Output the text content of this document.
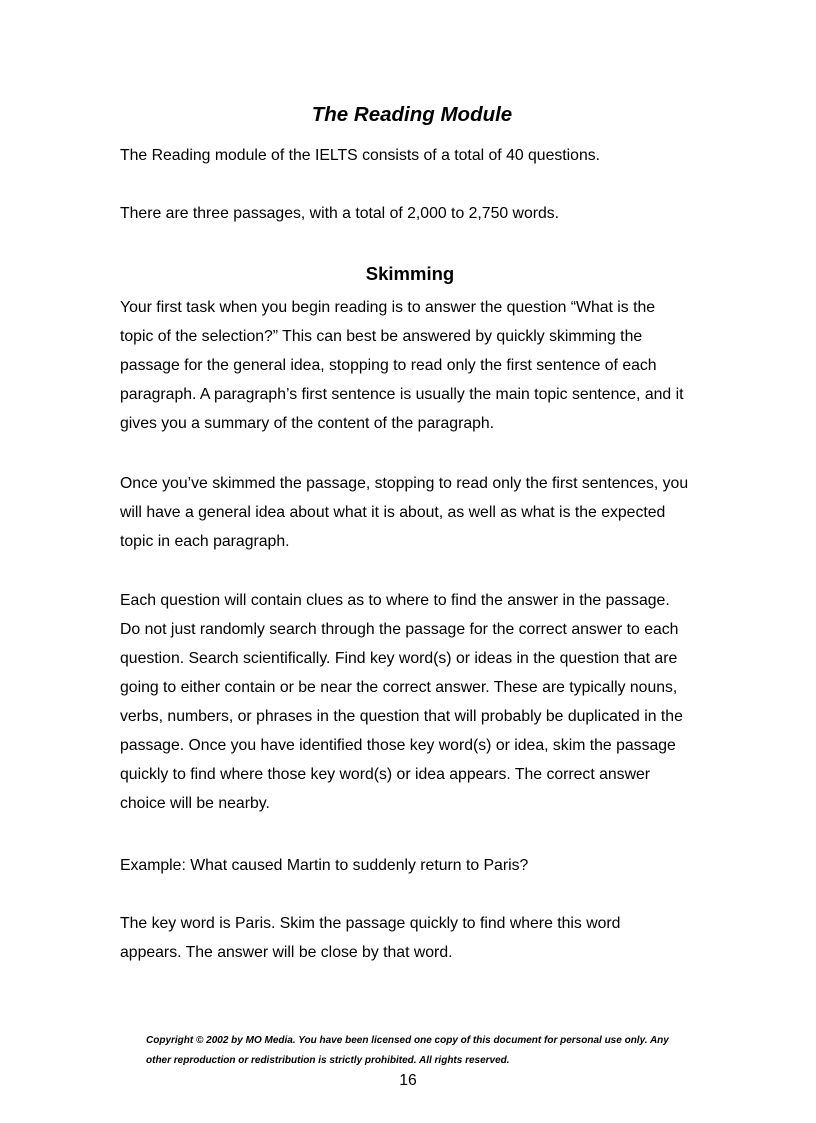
The Reading Module

The Reading module of the IELTS consists of a total of 40 questions.

There are three passages, with a total of 2,000 to 2,750 words.

Skimming

Your first task when you begin reading is to answer the question “What is the
topic of the selection?” This can best be answered by quickly skimming the
passage for the general idea, stopping to read only the first sentence of each
paragraph. A paragraph’s first sentence is usually the main topic sentence, and it
gives you a summary of the content of the paragraph.

Once you’ve skimmed the passage, stopping to read only the first sentences, you
will have a general idea about what it is about, as well as what is the expected
topic in each paragraph.

Each question will contain clues as to where to find the answer in the passage.
Do not just randomly search through the passage for the correct answer to each
question. Search scientifically. Find key word(s) or ideas in the question that are
going to either contain or be near the correct answer. These are typically nouns,
verbs, numbers, or phrases in the question that will probably be duplicated in the
passage. Once you have identified those key word(s) or idea, skim the passage
quickly to find where those key word(s) or idea appears. The correct answer
choice will be nearby.

Example: What caused Martin to suddenly return to Paris?

The key word is Paris. Skim the passage quickly to find where this word
appears. The answer will be close by that word.

Copyright © 2002 by MO Media. You have been licensed one copy of this document for personal use only. Any
other reproduction or redistribution is strictly prohibited. All rights reserved.
16
